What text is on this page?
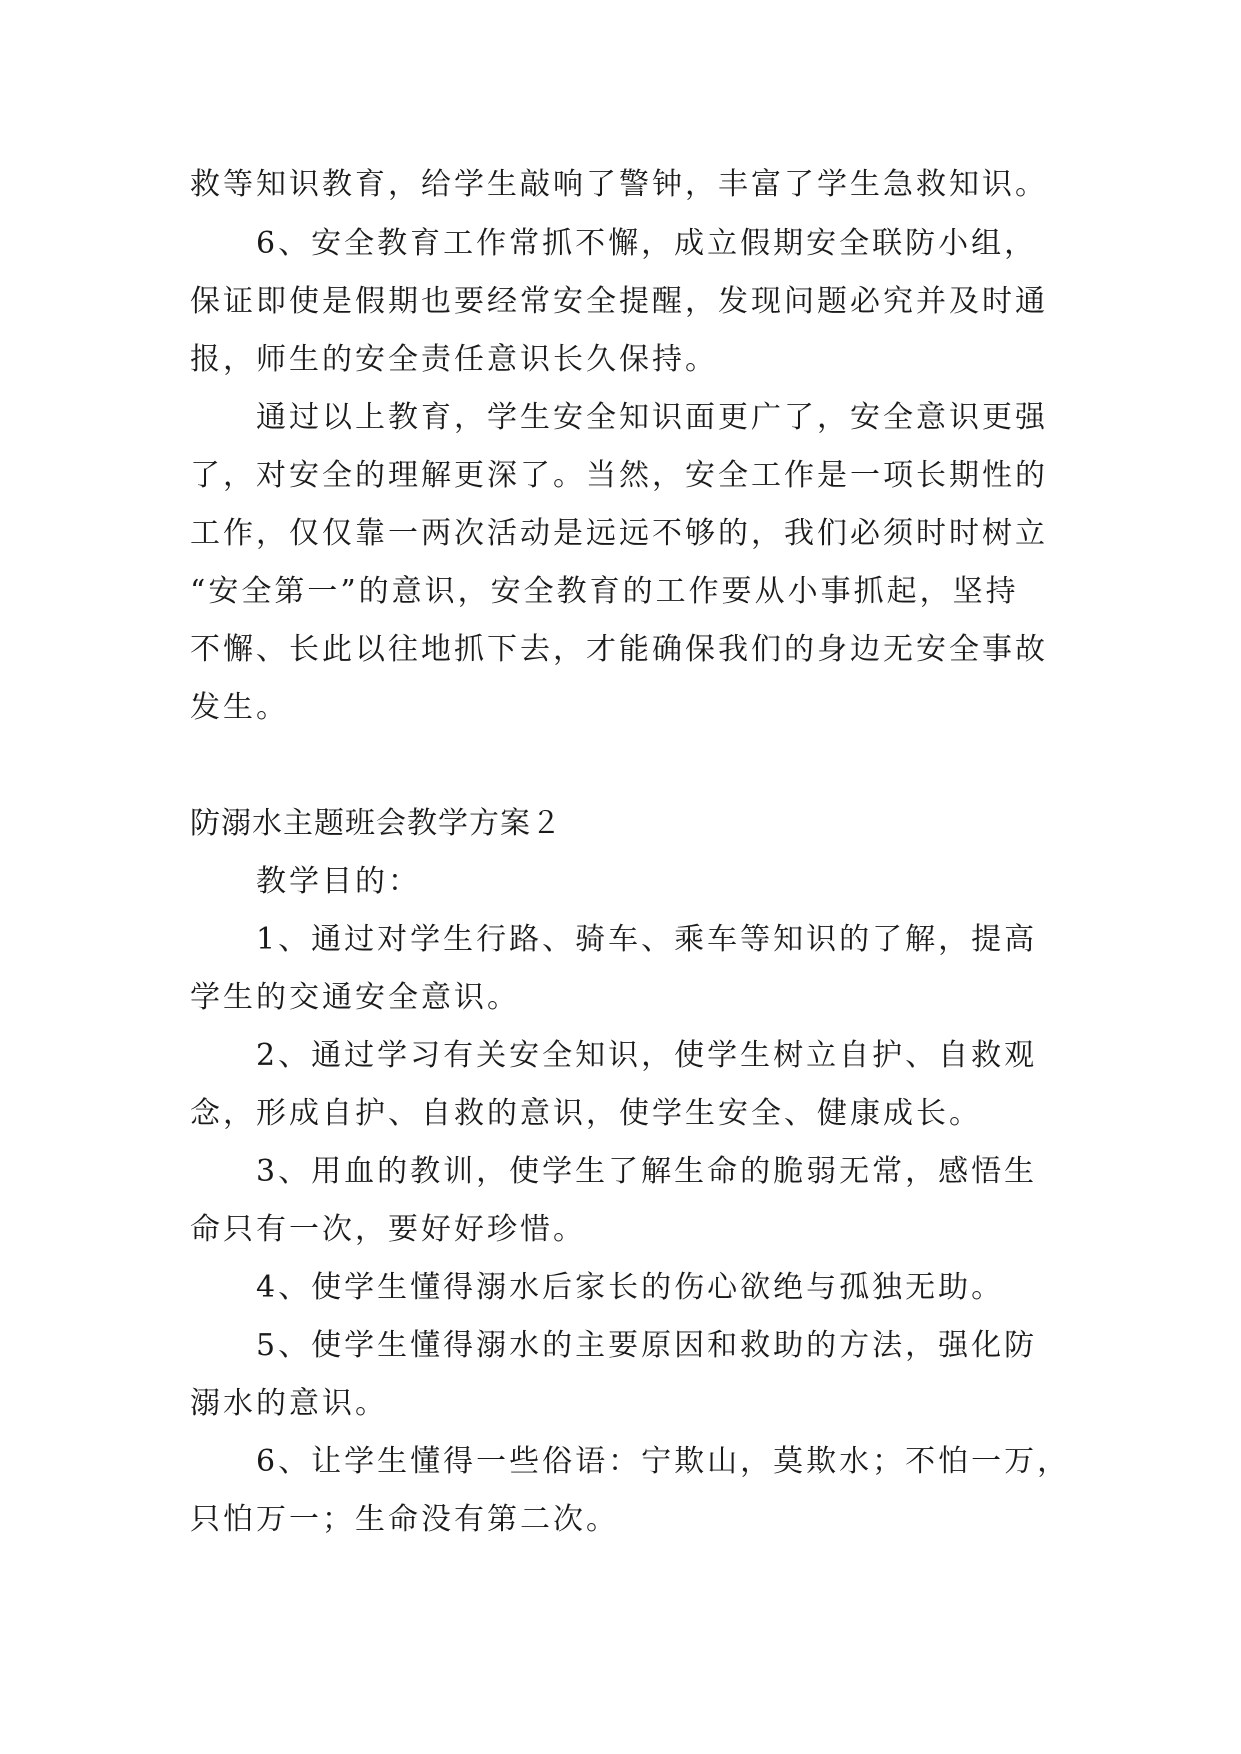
救等知识教育，给学生敲响了警钟，丰富了学生急救知识。
6、安全教育工作常抓不懈，成立假期安全联防小组，
保证即使是假期也要经常安全提醒，发现问题必究并及时通
报，师生的安全责任意识长久保持。
通过以上教育，学生安全知识面更广了，安全意识更强
了，对安全的理解更深了。当然，安全工作是一项长期性的
工作，仅仅靠一两次活动是远远不够的，我们必须时时树立
“安全第一”的意识，安全教育的工作要从小事抓起，坚持
不懈、长此以往地抓下去，才能确保我们的身边无安全事故
发生。
防溺水主题班会教学方案２
教学目的：
1、通过对学生行路、骑车、乘车等知识的了解，提高
学生的交通安全意识。
2、通过学习有关安全知识，使学生树立自护、自救观
念，形成自护、自救的意识，使学生安全、健康成长。
3、用血的教训，使学生了解生命的脆弱无常，感悟生
命只有一次，要好好珍惜。
4、使学生懂得溺水后家长的伤心欲绝与孤独无助。
5、使学生懂得溺水的主要原因和救助的方法，强化防
溺水的意识。
6、让学生懂得一些俗语：宁欺山，莫欺水；不怕一万，
只怕万一；生命没有第二次。
